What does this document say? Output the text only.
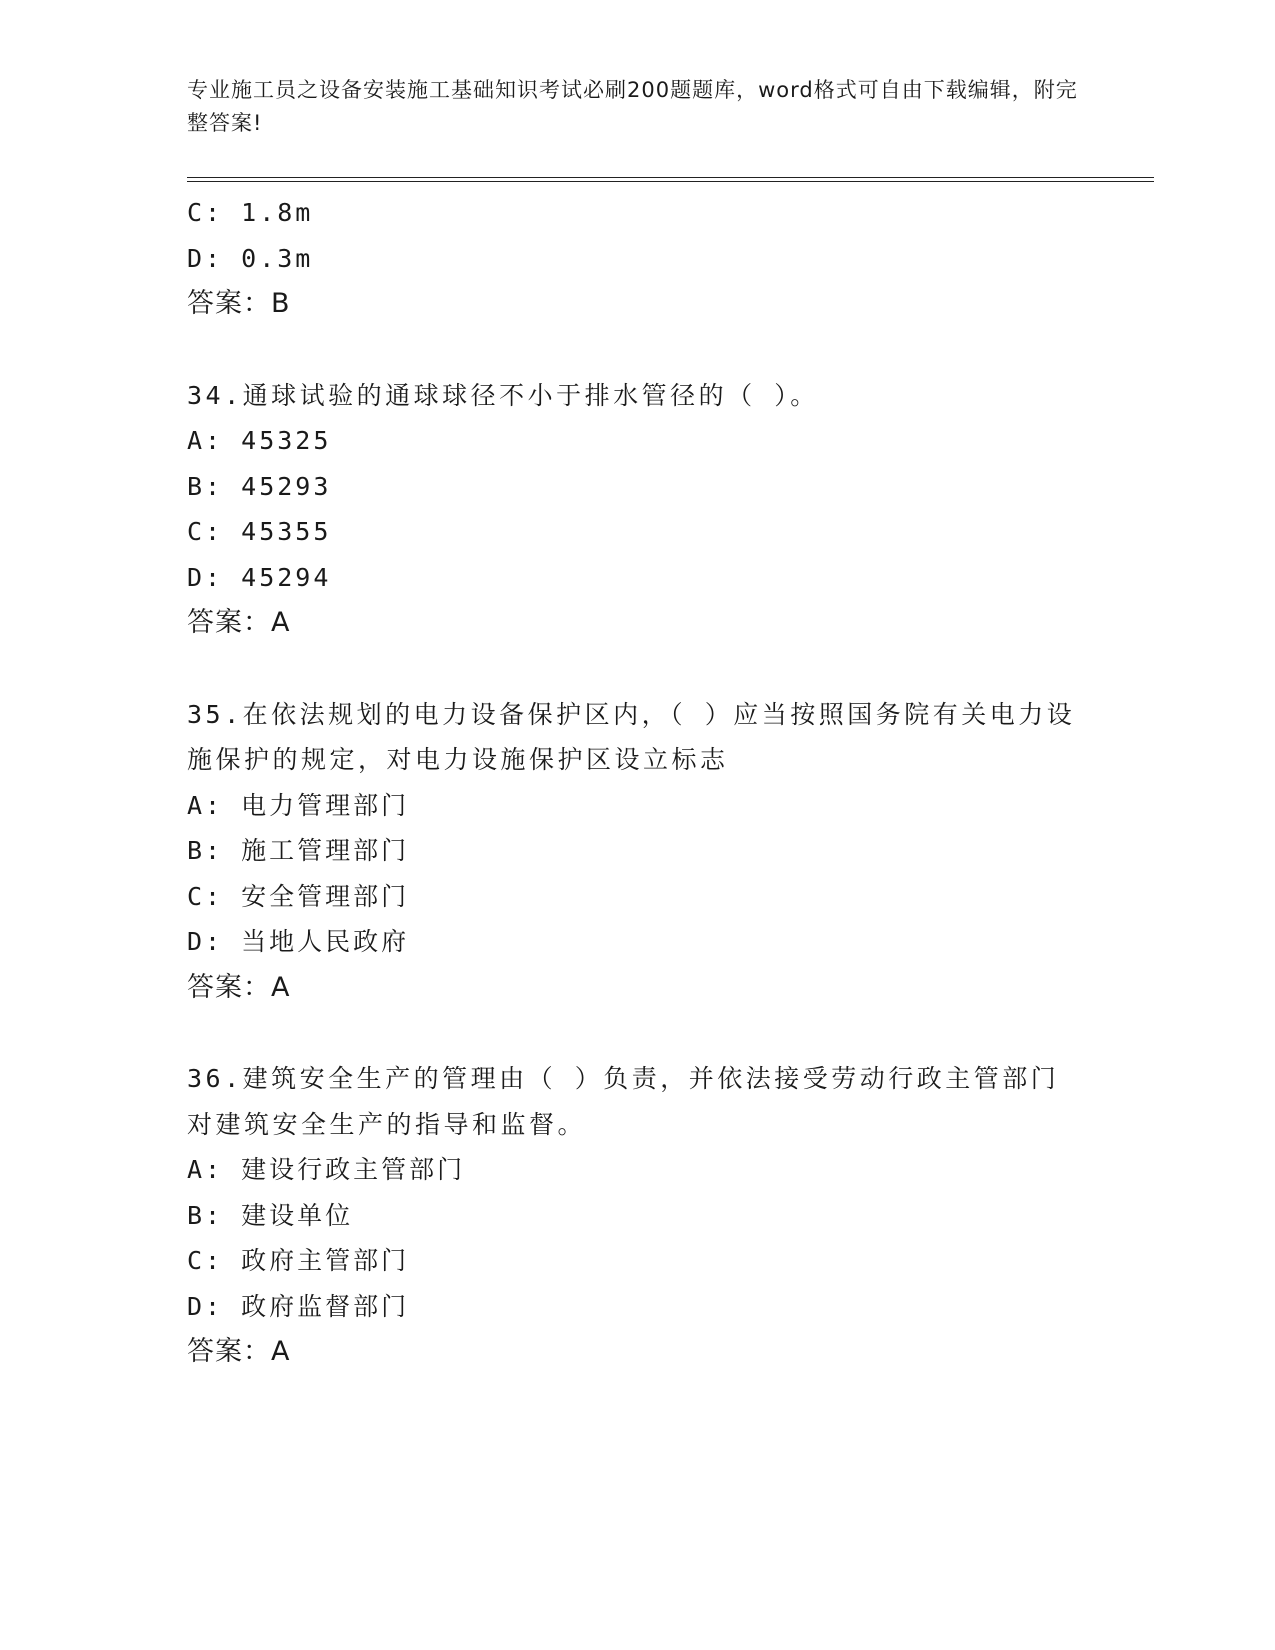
专业施工员之设备安装施工基础知识考试必刷200题题库，word格式可自由下载编辑，附完整答案!
C: 1.8m
D: 0.3m
答案：B
34.通球试验的通球球径不小于排水管径的（ ）。
A: 45325
B: 45293
C: 45355
D: 45294
答案：A
35.在依法规划的电力设备保护区内，（ ）应当按照国务院有关电力设施保护的规定，对电力设施保护区设立标志
A: 电力管理部门
B: 施工管理部门
C: 安全管理部门
D: 当地人民政府
答案：A
36.建筑安全生产的管理由（ ）负责，并依法接受劳动行政主管部门对建筑安全生产的指导和监督。
A: 建设行政主管部门
B: 建设单位
C: 政府主管部门
D: 政府监督部门
答案：A
